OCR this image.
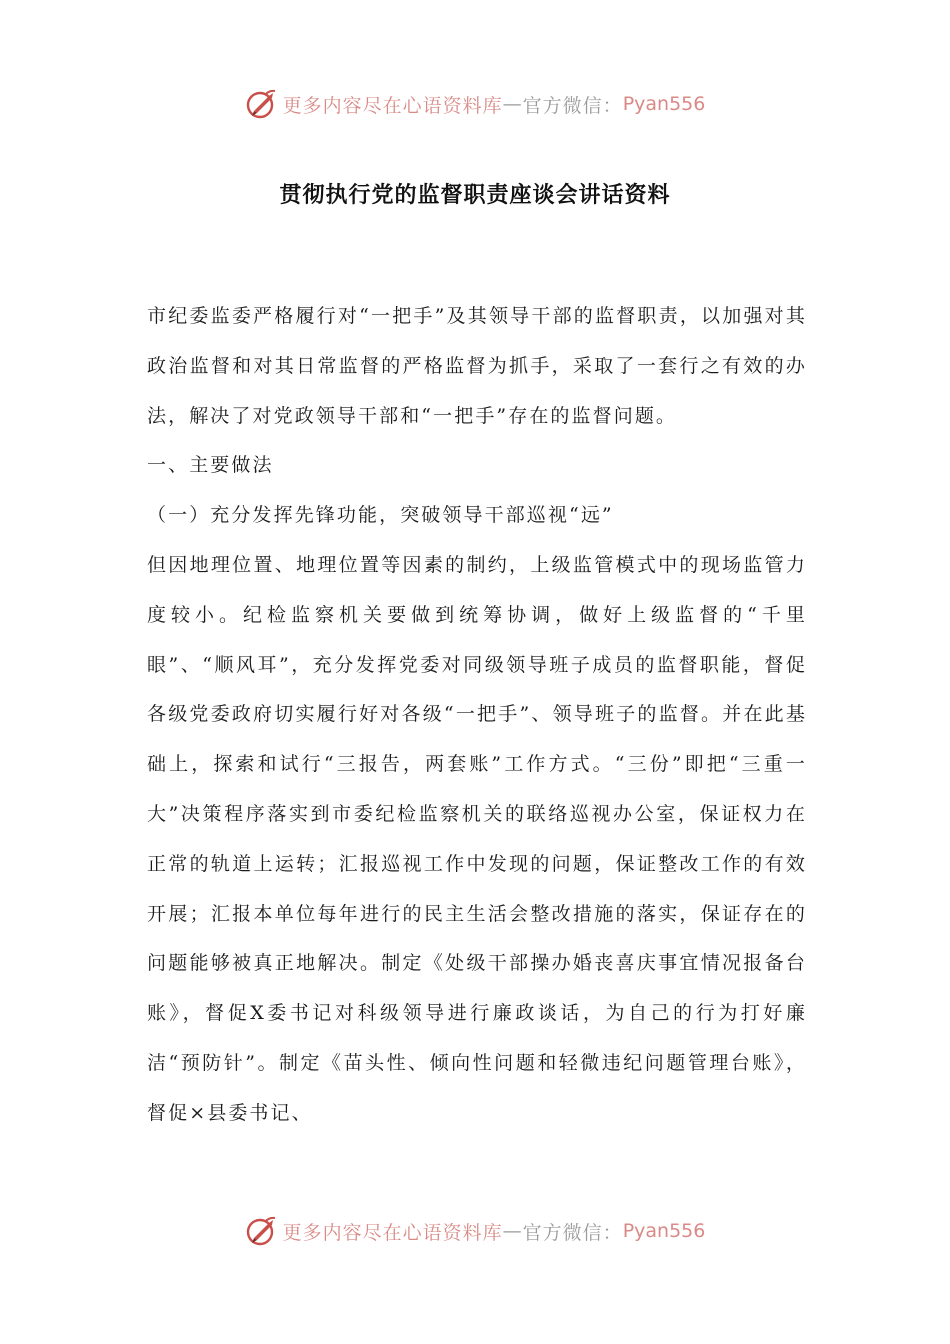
更多内容尽在心语资料库 — 官方微信： Pyan556
贯彻执行党的监督职责座谈会讲话资料

市纪委监委严格履行对“一把手”及其领导干部的监督职责，以加强对其政治监督和对其日常监督的严格监督为抓手，采取了一套行之有效的办法，解决了对党政领导干部和“一把手”存在的监督问题。

一、主要做法

（一）充分发挥先锋功能，突破领导干部巡视“远”

但因地理位置、地理位置等因素的制约，上级监管模式中的现场监管力度较小。纪检监察机关要做到统筹协调，做好上级监督的“千里眼”、“顺风耳”，充分发挥党委对同级领导班子成员的监督职能，督促各级党委政府切实履行好对各级“一把手”、领导班子的监督。并在此基础上，探索和试行“三报告，两套账”工作方式。“三份”即把“三重一大”决策程序落实到市委纪检监察机关的联络巡视办公室，保证权力在正常的轨道上运转；汇报巡视工作中发现的问题，保证整改工作的有效开展；汇报本单位每年进行的民主生活会整改措施的落实，保证存在的问题能够被真正地解决。制定《处级干部操办婚丧喜庆事宜情况报备台账》，督促X委书记对科级领导进行廉政谈话，为自己的行为打好廉洁“预防针”。制定《苗头性、倾向性问题和轻微违纪问题管理台账》，督促×县委书记、

更多内容尽在心语资料库 — 官方微信： Pyan556
